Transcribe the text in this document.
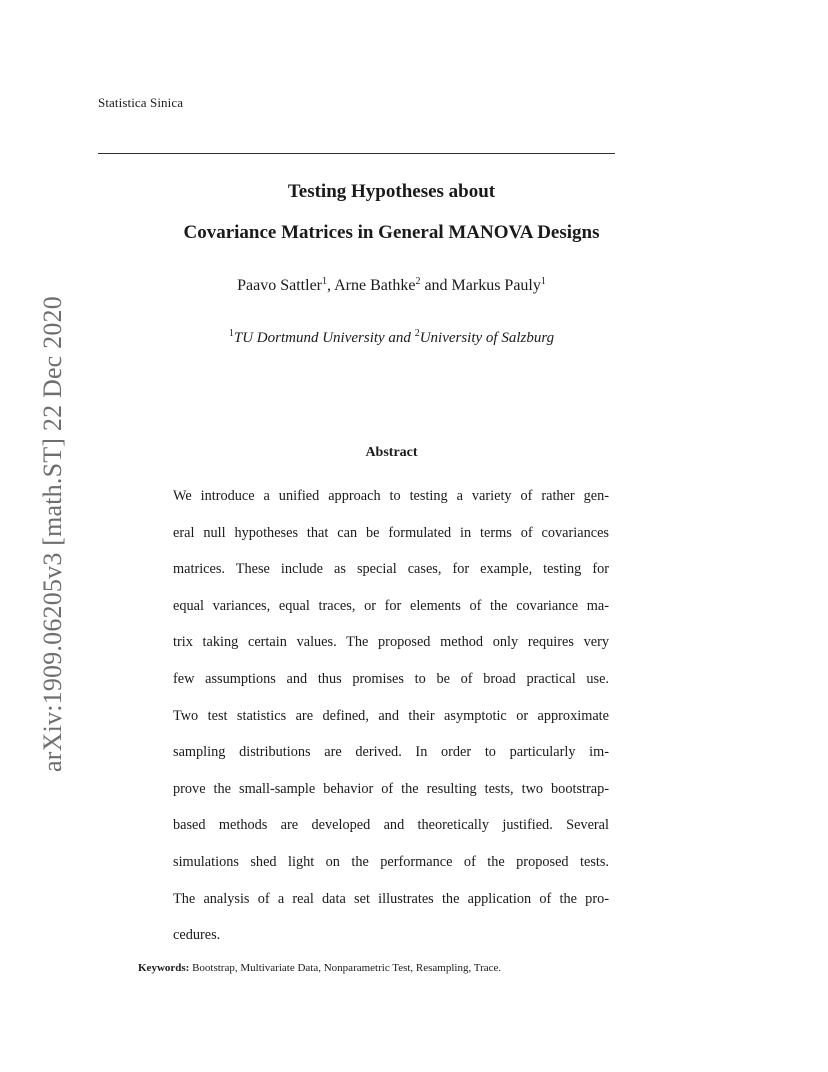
Statistica Sinica
Testing Hypotheses about
Covariance Matrices in General MANOVA Designs
Paavo Sattler$^1$, Arne Bathke$^2$ and Markus Pauly$^1$
$^1$TU Dortmund University and $^2$University of Salzburg
Abstract
We introduce a unified approach to testing a variety of rather gen-
eral null hypotheses that can be formulated in terms of covariances
matrices. These include as special cases, for example, testing for
equal variances, equal traces, or for elements of the covariance ma-
trix taking certain values. The proposed method only requires very
few assumptions and thus promises to be of broad practical use.
Two test statistics are defined, and their asymptotic or approximate
sampling distributions are derived. In order to particularly im-
prove the small-sample behavior of the resulting tests, two bootstrap-
based methods are developed and theoretically justified. Several
simulations shed light on the performance of the proposed tests.
The analysis of a real data set illustrates the application of the pro-
cedures.
Keywords: Bootstrap, Multivariate Data, Nonparametric Test, Resampling, Trace.
arXiv:1909.06205v3 [math.ST] 22 Dec 2020
